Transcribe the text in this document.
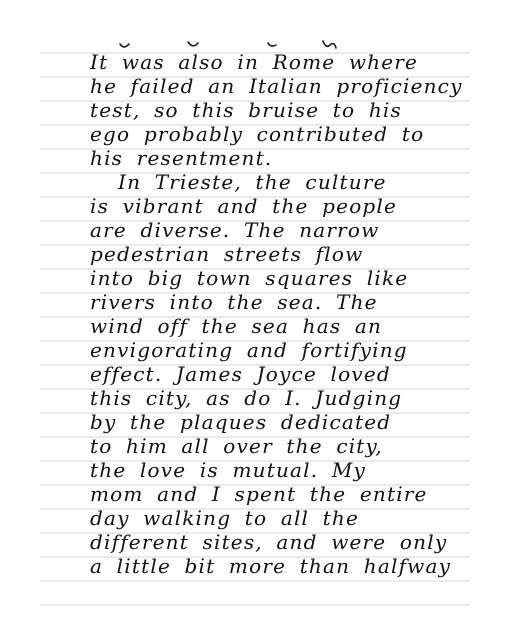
It was also in Rome where

he failed an Italian proficiency

test, so this bruise to his

ego probably contributed to

his resentment.

In Trieste, the culture

is vibrant and the people

are diverse. The narrow

pedestrian streets flow

into big town squares like

rivers into the sea. The

wind off the sea has an

envigorating and fortifying

effect. James Joyce loved

this city, as do I. Judging

by the plaques dedicated

to him all over the city,

the love is mutual. My

mom and I spent the entire

day walking to all the

different sites, and were only

a little bit more than halfway
